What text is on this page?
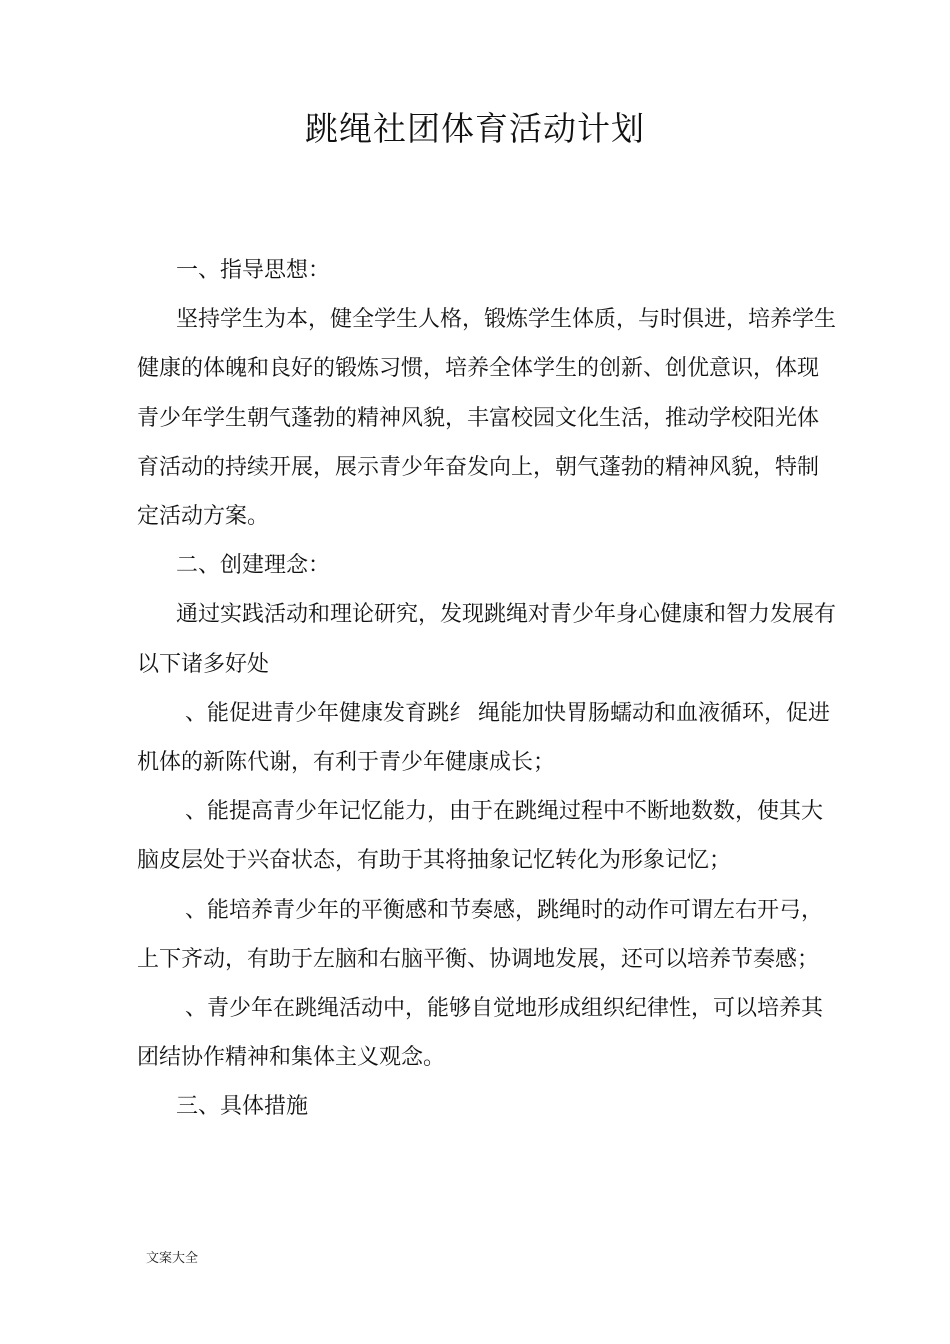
跳绳社团体育活动计划

一、指导思想：

坚持学生为本，健全学生人格，锻炼学生体质，与时俱进，培养学生健康的体魄和良好的锻炼习惯，培养全体学生的创新、创优意识，体现青少年学生朝气蓬勃的精神风貌，丰富校园文化生活，推动学校阳光体育活动的持续开展，展示青少年奋发向上，朝气蓬勃的精神风貌，特制定活动方案。

二、创建理念：

通过实践活动和理论研究，发现跳绳对青少年身心健康和智力发展有以下诸多好处

、能促进青少年健康发育跳纟 绳能加快胃肠蠕动和血液循环，促进机体的新陈代谢，有利于青少年健康成长；

、能提高青少年记忆能力，由于在跳绳过程中不断地数数，使其大脑皮层处于兴奋状态，有助于其将抽象记忆转化为形象记忆；

、能培养青少年的平衡感和节奏感，跳绳时的动作可谓左右开弓，上下齐动，有助于左脑和右脑平衡、协调地发展，还可以培养节奏感；

、青少年在跳绳活动中，能够自觉地形成组织纪律性，可以培养其团结协作精神和集体主义观念。

三、具体措施

文案大全
